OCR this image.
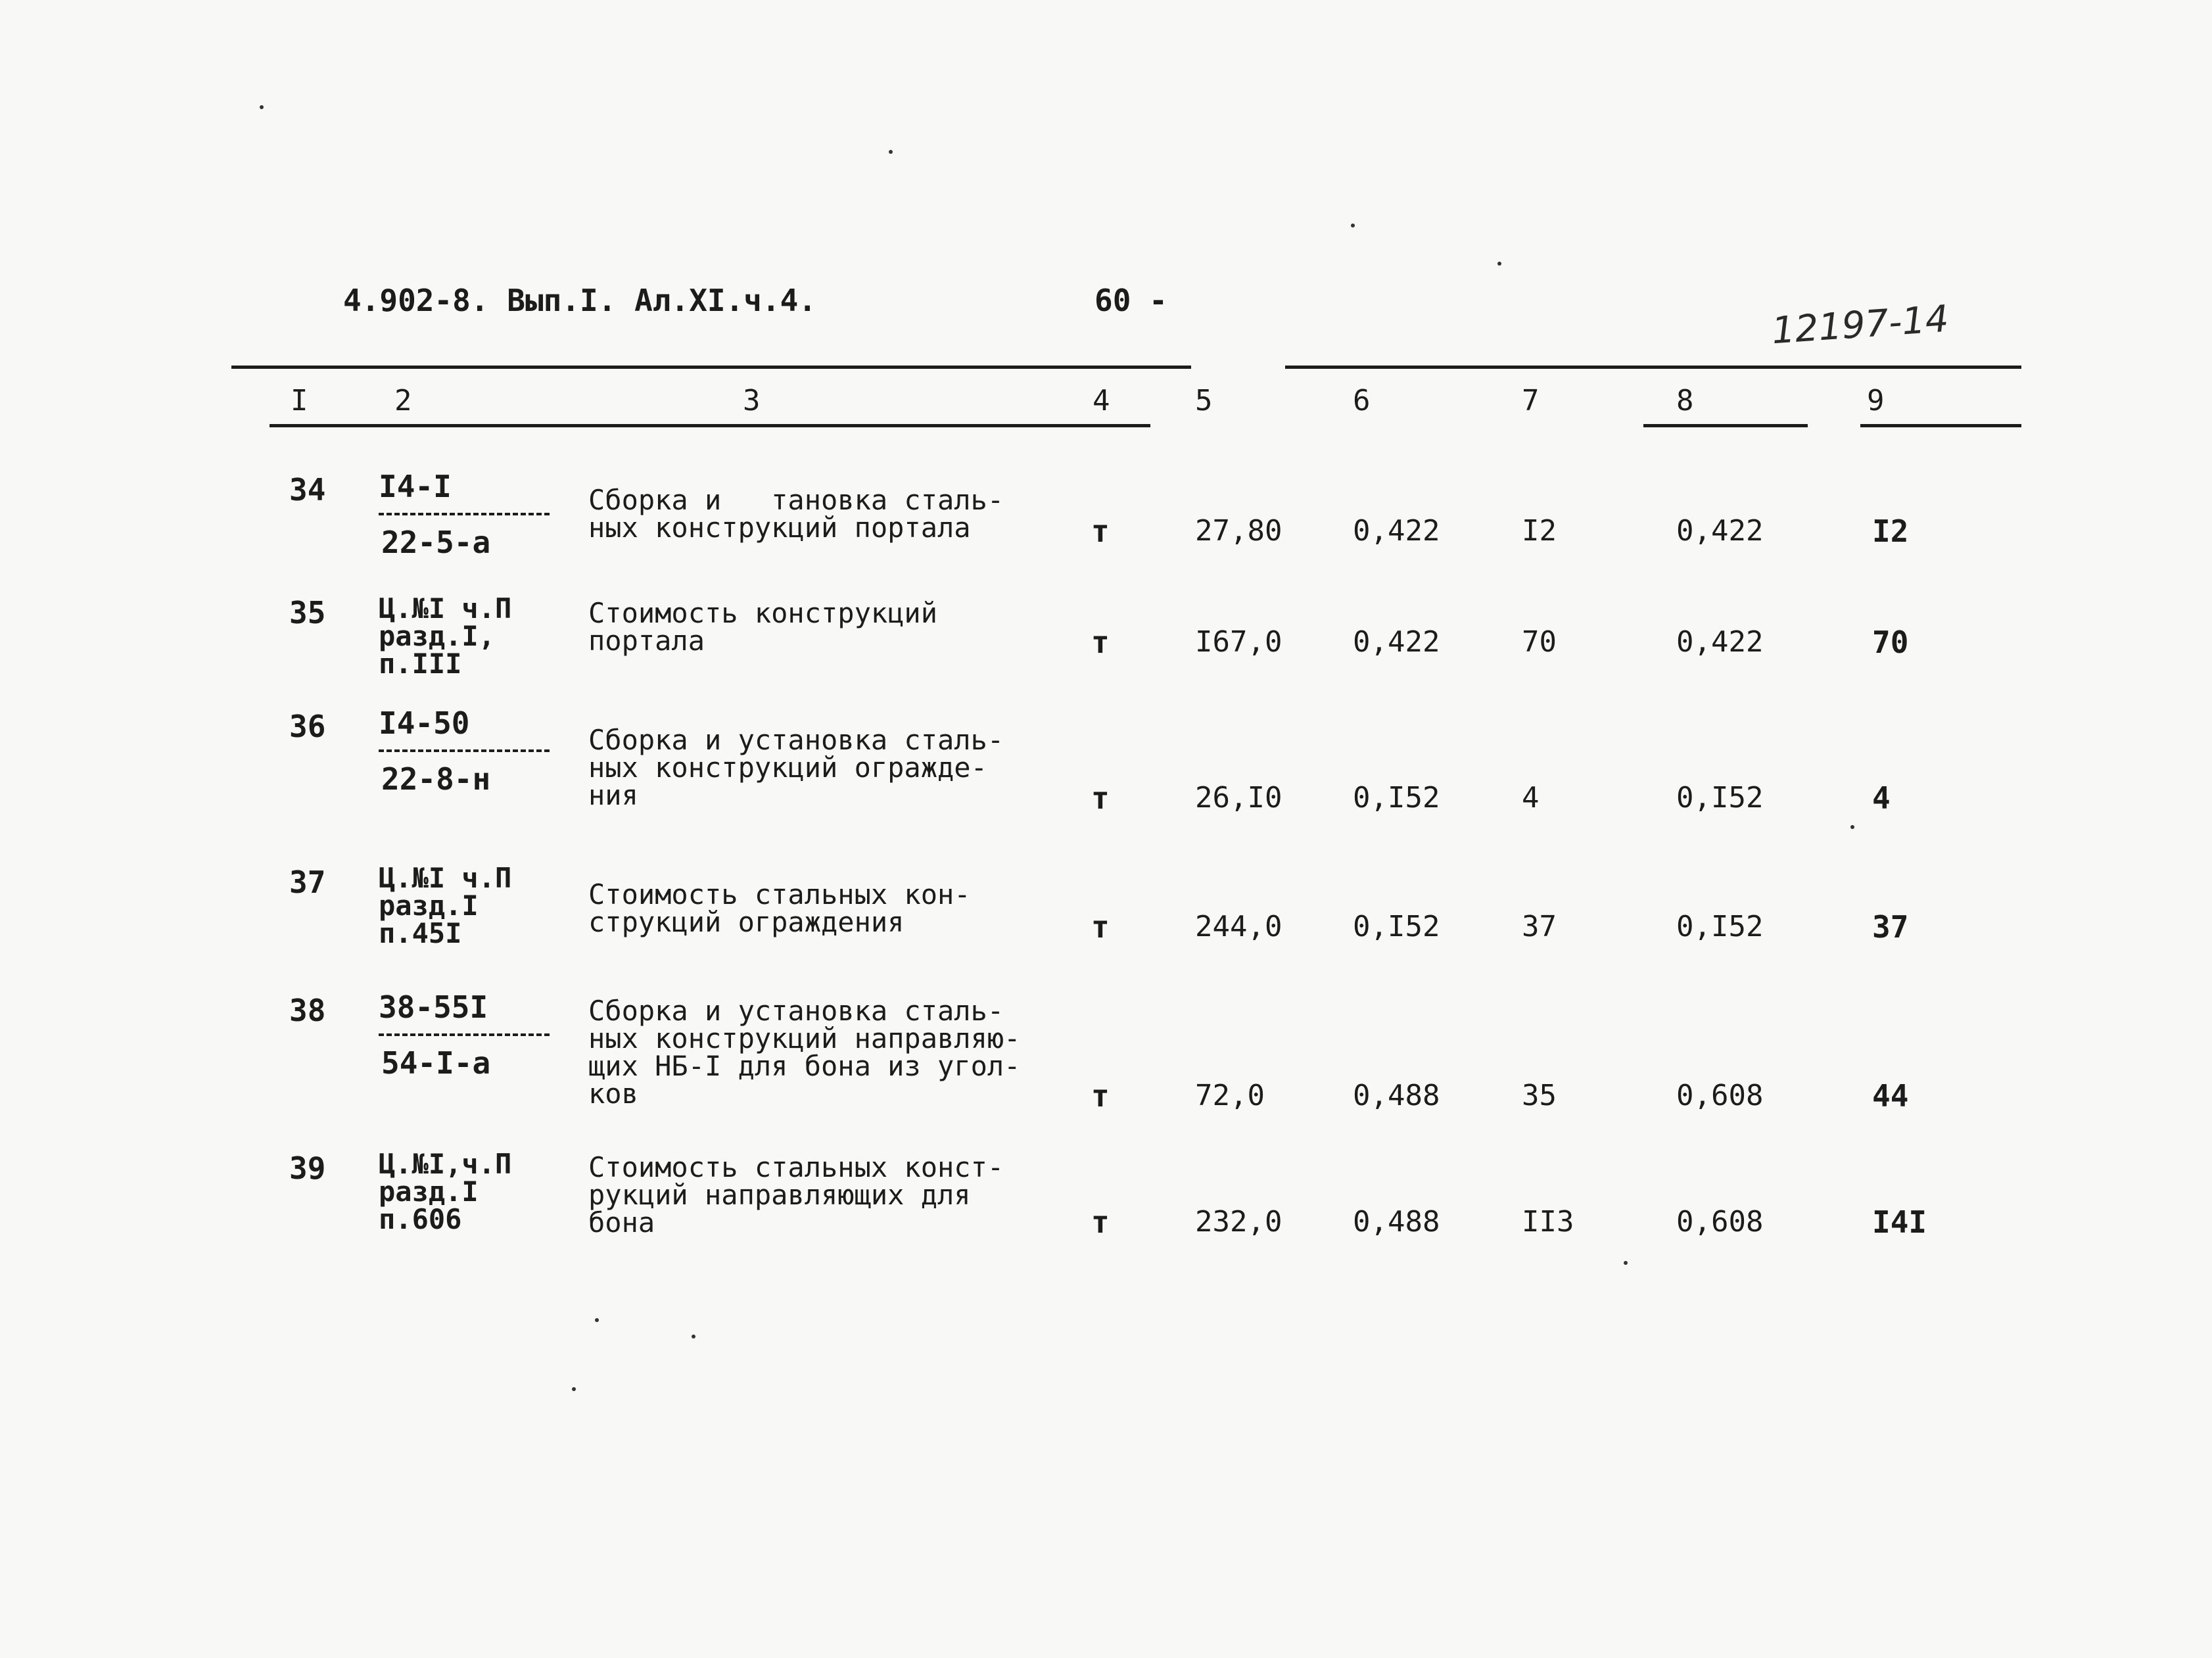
4.902-8. Вып.I. Ал.XI.ч.4.	60 -	12197-14
I	2	3	4	5	6	7	8	9
34 I4-I
22-5-а
Сборка и   тановка сталь-
ных конструкций портала	т	27,80 0,422	I2	0,422	I2
35 Ц.№I ч.П
разд.I,
п.III
Стоимость конструкций
портала	т	I67,0 0,422	70	0,422	70
36 I4-50
22-8-н
Сборка и установка сталь-
ных конструкций огражде-
ния	т	26,I0 0,I52	4	0,I52	4
37 Ц.№I ч.П
разд.I
п.45I
Стоимость стальных кон-
струкций ограждения	т	244,0 0,I52	37	0,I52	37
38 38-55I
54-I-а
Сборка и установка сталь-
ных конструкций направляю-
щих НБ-I для бона из угол-
ков	т	72,0	0,488	35	0,608	44
39 Ц.№I,ч.П
разд.I
п.606
Стоимость стальных конст-
рукций направляющих для
бона	т	232,0 0,488	II3	0,608	I4I
